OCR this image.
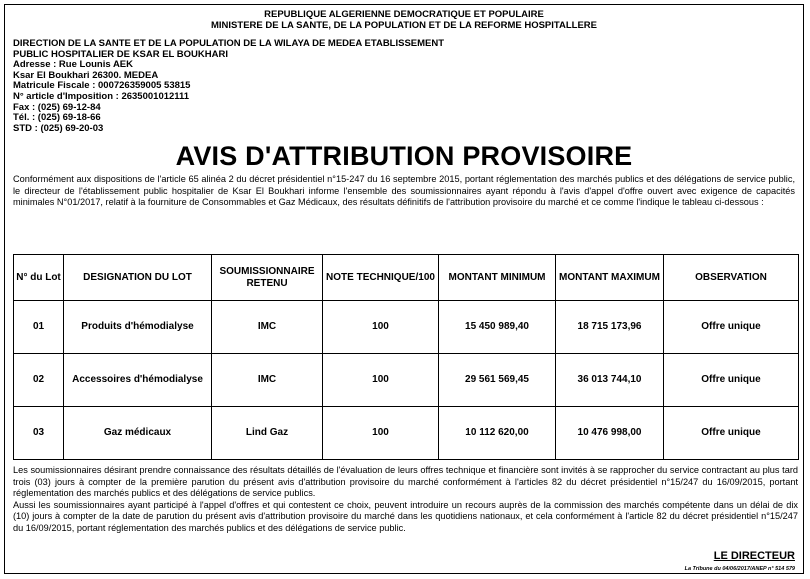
REPUBLIQUE ALGERIENNE DEMOCRATIQUE ET POPULAIRE
MINISTERE DE LA SANTE, DE LA POPULATION ET DE LA REFORME HOSPITALLERE
DIRECTION DE LA SANTE ET DE LA POPULATION DE LA WILAYA DE MEDEA ETABLISSEMENT
PUBLIC HOSPITALIER DE KSAR EL BOUKHARI
Adresse : Rue Lounis AEK
Ksar El Boukhari 26300. MEDEA
Matricule Fiscale : 000726359005 53815
N° article d'Imposition : 2635001012111
Fax : (025) 69-12-84
Tél. : (025) 69-18-66
STD : (025) 69-20-03
AVIS D'ATTRIBUTION PROVISOIRE
Conformément aux dispositions de l'article 65 alinéa 2 du décret présidentiel n°15-247 du 16 septembre 2015, portant réglementation des marchés publics et des délégations de service public, le directeur de l'établissement public hospitalier de Ksar El Boukhari informe l'ensemble des soumissionnaires ayant répondu à l'avis d'appel d'offre ouvert avec exigence de capacités minimales N°01/2017, relatif à la fourniture de Consommables et Gaz Médicaux, des résultats définitifs de l'attribution provisoire du marché et ce comme l'indique le tableau ci-dessous :
N° du Lot	DESIGNATION DU LOT	SOUMISSIONNAIRE RETENU	NOTE TECHNIQUE/100	MONTANT MINIMUM	MONTANT MAXIMUM	OBSERVATION
01	Produits d'hémodialyse	IMC	100	15 450 989,40	18 715 173,96	Offre unique
02	Accessoires d'hémodialyse	IMC	100	29 561 569,45	36 013 744,10	Offre unique
03	Gaz médicaux	Lind Gaz	100	10 112 620,00	10 476 998,00	Offre unique
Les soumissionnaires désirant prendre connaissance des résultats détaillés de l'évaluation de leurs offres technique et financière sont invités à se rapprocher du service contractant au plus tard trois (03) jours à compter de la première parution du présent avis d'attribution provisoire du marché conformément à l'articles 82 du décret présidentiel n°15/247 du 16/09/2015, portant réglementation des marchés publics et des délégations de service publics.
Aussi les soumissionnaires ayant participé à l'appel d'offres et qui contestent ce choix, peuvent introduire un recours auprès de la commission des marchés compétente dans un délai de dix (10) jours à compter de la date de parution du présent avis d'attribution provisoire du marché dans les quotidiens nationaux, et cela conformément à l'article 82 du décret présidentiel n°15/247 du 16/09/2015, portant réglementation des marchés publics et des délégations de service public.
LE DIRECTEUR
La Tribune du 04/06/2017/ANEP n° 514 579
